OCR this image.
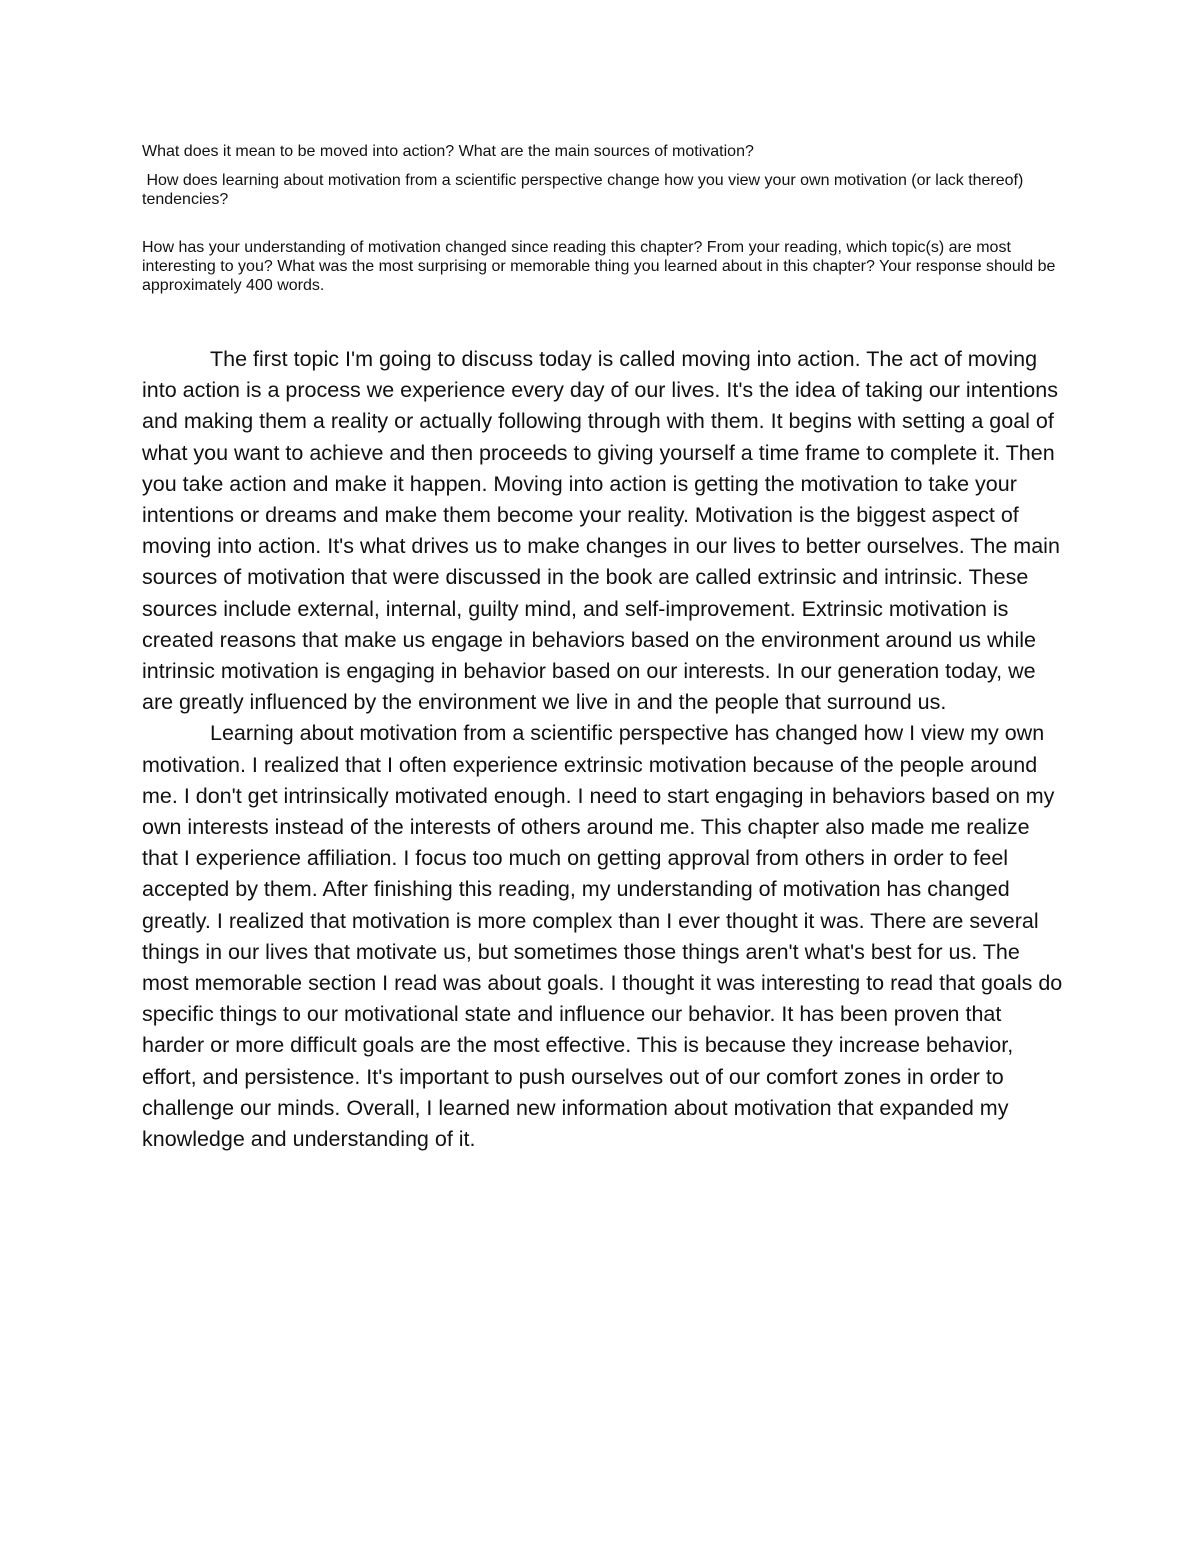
What does it mean to be moved into action? What are the main sources of motivation?

How does learning about motivation from a scientific perspective change how you view your own motivation (or lack thereof) tendencies?

How has your understanding of motivation changed since reading this chapter? From your reading, which topic(s) are most interesting to you? What was the most surprising or memorable thing you learned about in this chapter? Your response should be approximately 400 words.

The first topic I'm going to discuss today is called moving into action. The act of moving into action is a process we experience every day of our lives. It's the idea of taking our intentions and making them a reality or actually following through with them. It begins with setting a goal of what you want to achieve and then proceeds to giving yourself a time frame to complete it. Then you take action and make it happen. Moving into action is getting the motivation to take your intentions or dreams and make them become your reality. Motivation is the biggest aspect of moving into action. It's what drives us to make changes in our lives to better ourselves. The main sources of motivation that were discussed in the book are called extrinsic and intrinsic. These sources include external, internal, guilty mind, and self-improvement. Extrinsic motivation is created reasons that make us engage in behaviors based on the environment around us while intrinsic motivation is engaging in behavior based on our interests. In our generation today, we are greatly influenced by the environment we live in and the people that surround us.

Learning about motivation from a scientific perspective has changed how I view my own motivation. I realized that I often experience extrinsic motivation because of the people around me. I don't get intrinsically motivated enough. I need to start engaging in behaviors based on my own interests instead of the interests of others around me. This chapter also made me realize that I experience affiliation. I focus too much on getting approval from others in order to feel accepted by them. After finishing this reading, my understanding of motivation has changed greatly. I realized that motivation is more complex than I ever thought it was. There are several things in our lives that motivate us, but sometimes those things aren't what's best for us. The most memorable section I read was about goals. I thought it was interesting to read that goals do specific things to our motivational state and influence our behavior. It has been proven that harder or more difficult goals are the most effective. This is because they increase behavior, effort, and persistence. It's important to push ourselves out of our comfort zones in order to challenge our minds. Overall, I learned new information about motivation that expanded my knowledge and understanding of it.
